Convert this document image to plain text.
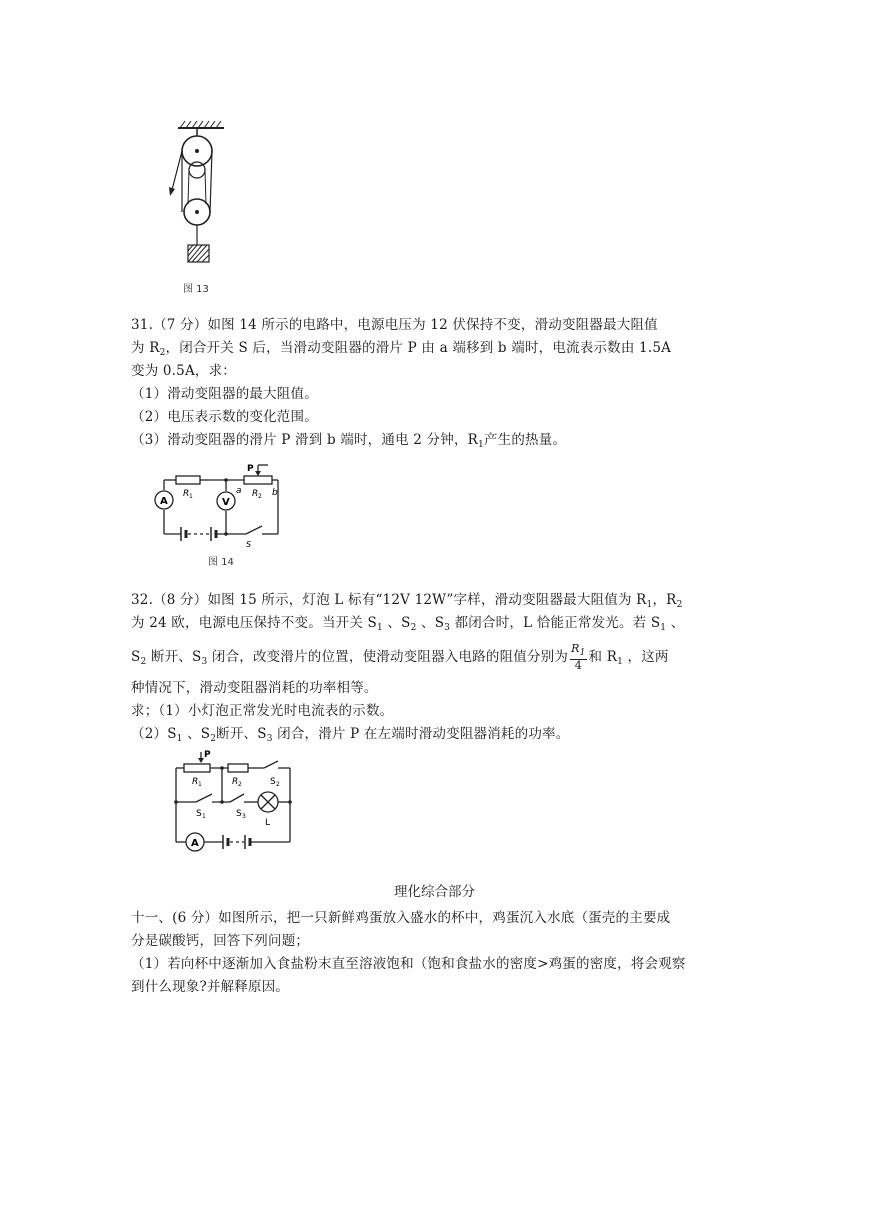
图 13
31.（7 分）如图 14 所示的电路中，电源电压为 12 伏保持不变，滑动变阻器最大阻值
为 $R_2$，闭合开关 S 后，当滑动变阻器的滑片 P 由 a 端移到 b 端时，电流表示数由 1.5A
变为 0.5A，求：
（1）滑动变阻器的最大阻值。
（2）电压表示数的变化范围。
（3）滑动变阻器的滑片 P 滑到 b 端时，通电 2 分钟，$R_1$产生的热量。
A	V
R 1	R 2
P
a	b
S
图 14
32.（8 分）如图 15 所示，灯泡 L 标有“12V 12W”字样，滑动变阻器最大阻值为 $R_1$，$R_2$
为 24 欧，电源电压保持不变。当开关 $S_1$ 、$S_2$ 、$S_3$ 都闭合时，L 恰能正常发光。若 $S_1$ 、
$S_2$ 断开、$S_3$ 闭合，改变滑片的位置，使滑动变阻器入电路的阻值分别为 $\frac{R_1}{4}$ 和 $R_1$ ，这两
种情况下，滑动变阻器消耗的功率相等。
求；（1）小灯泡正常发光时电流表的示数。
$(2)S_1$ 、$S_2$断开、$S_3$ 闭合，滑片 P 在左端时滑动变阻器消耗的功率。
P
R 1	R 2	S 2
S 1	S 3
L
A
理化综合部分
十一、(6 分）如图所示，把一只新鲜鸡蛋放入盛水的杯中，鸡蛋沉入水底（蛋壳的主要成
分是碳酸钙，回答下列问题；
（1）若向杯中逐渐加入食盐粉末直至溶液饱和（饱和食盐水的密度>鸡蛋的密度，将会观察
到什么现象?并解释原因。
